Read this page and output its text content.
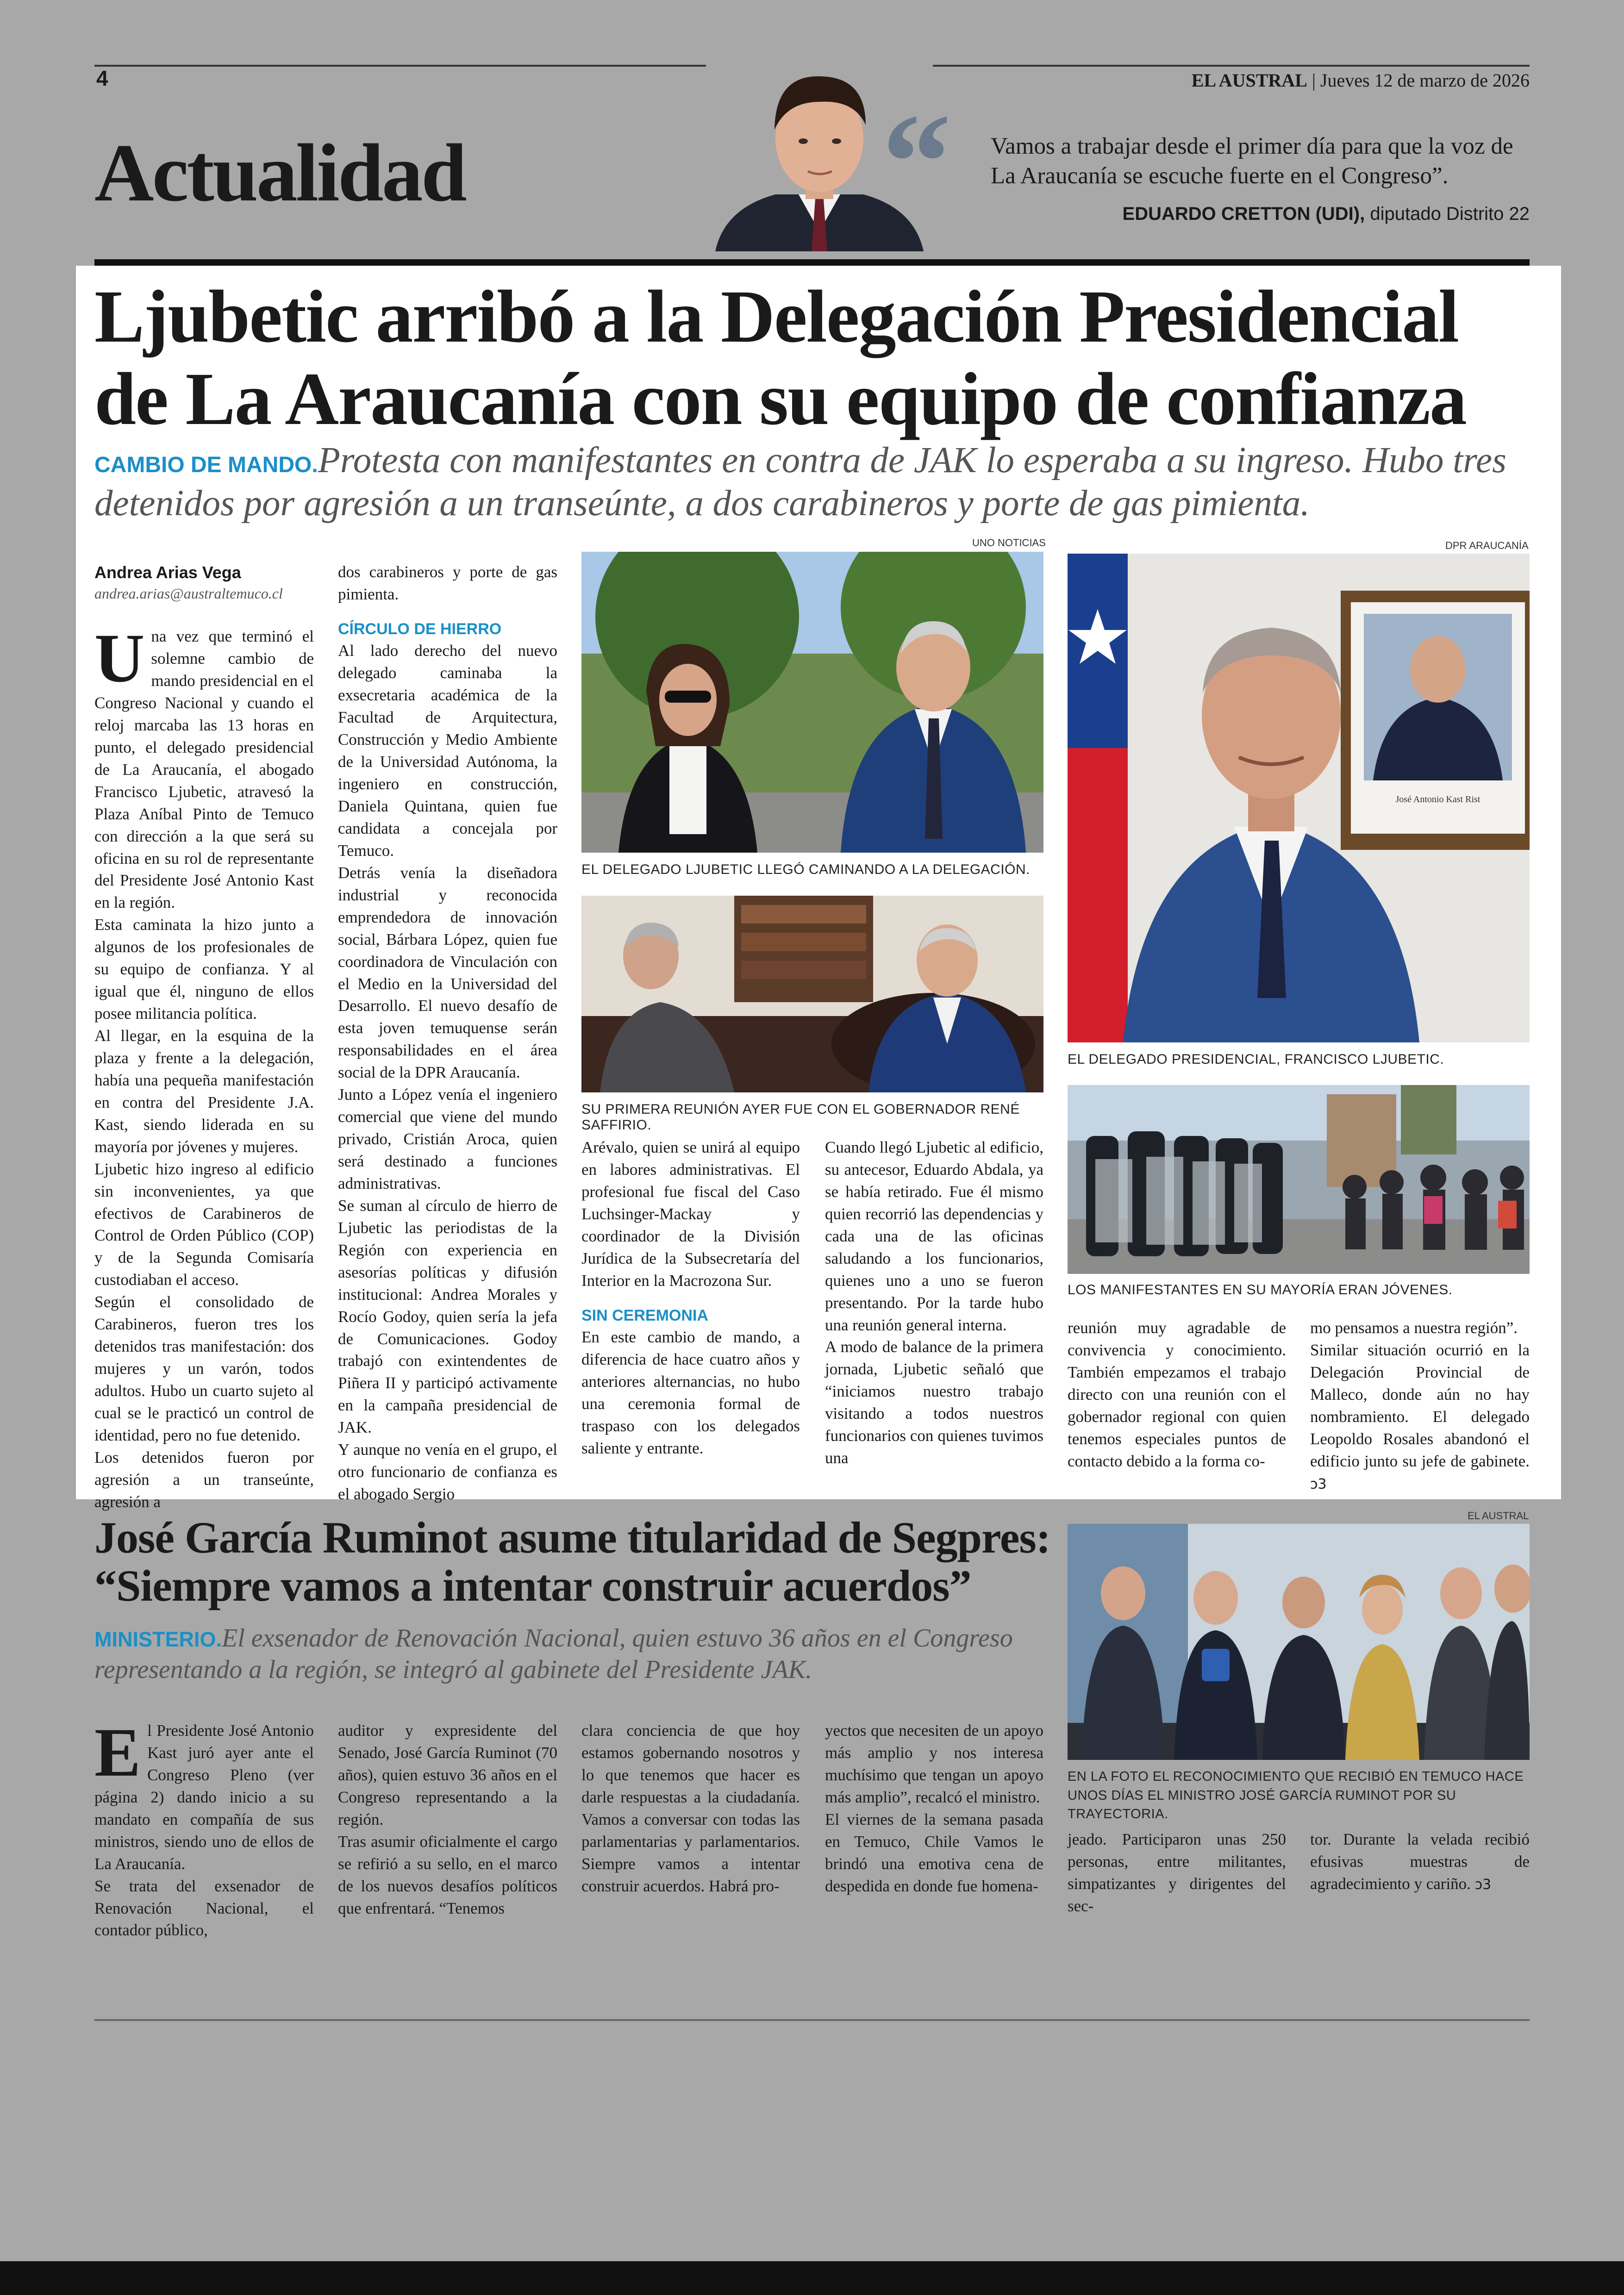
4	EL AUSTRAL | Jueves 12 de marzo de 2026
Actualidad	“ Vamos a trabajar desde el primer día para que la voz de La Araucanía se escuche fuerte en el Congreso”.
EDUARDO CRETTON (UDI), diputado Distrito 22
Ljubetic arribó a la Delegación Presidencial de La Araucanía con su equipo de confianza
CAMBIO DE MANDO.Protesta con manifestantes en contra de JAK lo esperaba a su ingreso. Hubo tres detenidos por agresión a un transeúnte, a dos carabineros y porte de gas pimienta.
Andrea Arias Vega
andrea.arias@australtemuco.cl

Una vez que terminó el solemne cambio de mando presidencial en el Congreso Nacional y cuando el reloj marcaba las 13 horas en punto, el delegado presidencial de La Araucanía, el abogado Francisco Ljubetic, atravesó la Plaza Aníbal Pinto de Temuco con dirección a la que será su oficina en su rol de representante del Presidente José Antonio Kast en la región.

Esta caminata la hizo junto a algunos de los profesionales de su equipo de confianza. Y al igual que él, ninguno de ellos posee militancia política.

Al llegar, en la esquina de la plaza y frente a la delegación, había una pequeña manifestación en contra del Presidente J.A. Kast, siendo liderada en su mayoría por jóvenes y mujeres.

Ljubetic hizo ingreso al edificio sin inconvenientes, ya que efectivos de Carabineros de Control de Orden Público (COP) y de la Segunda Comisaría custodiaban el acceso.

Según el consolidado de Carabineros, fueron tres los detenidos tras manifestación: dos mujeres y un varón, todos adultos. Hubo un cuarto sujeto al cual se le practicó un control de identidad, pero no fue detenido.

Los detenidos fueron por agresión a un transeúnte, agresión a

dos carabineros y porte de gas pimienta.

CÍRCULO DE HIERRO

Al lado derecho del nuevo delegado caminaba la exsecretaria académica de la Facultad de Arquitectura, Construcción y Medio Ambiente de la Universidad Autónoma, la ingeniero en construcción, Daniela Quintana, quien fue candidata a concejala por Temuco.

Detrás venía la diseñadora industrial y reconocida emprendedora de innovación social, Bárbara López, quien fue coordinadora de Vinculación con el Medio en la Universidad del Desarrollo. El nuevo desafío de esta joven temuquense serán responsabilidades en el área social de la DPR Araucanía.

Junto a López venía el ingeniero comercial que viene del mundo privado, Cristián Aroca, quien será destinado a funciones administrativas.

Se suman al círculo de hierro de Ljubetic las periodistas de la Región con experiencia en asesorías políticas y difusión institucional: Andrea Morales y Rocío Godoy, quien sería la jefa de Comunicaciones. Godoy trabajó con exintendentes de Piñera II y participó activamente en la campaña presidencial de JAK.

Y aunque no venía en el grupo, el otro funcionario de confianza es el abogado Sergio

UNO NOTICIAS
EL DELEGADO LJUBETIC LLEGÓ CAMINANDO A LA DELEGACIÓN.
SU PRIMERA REUNIÓN AYER FUE CON EL GOBERNADOR RENÉ SAFFIRIO.
DPR ARAUCANÍA
José Antonio Kast Rist
EL DELEGADO PRESIDENCIAL, FRANCISCO LJUBETIC.
LOS MANIFESTANTES EN SU MAYORÍA ERAN JÓVENES.

Arévalo, quien se unirá al equipo en labores administrativas. El profesional fue fiscal del Caso Luchsinger-Mackay y coordinador de la División Jurídica de la Subsecretaría del Interior en la Macrozona Sur.

SIN CEREMONIA

En este cambio de mando, a diferencia de hace cuatro años y anteriores alternancias, no hubo una ceremonia formal de traspaso con los delegados saliente y entrante.

Cuando llegó Ljubetic al edificio, su antecesor, Eduardo Abdala, ya se había retirado. Fue él mismo quien recorrió las dependencias y cada una de las oficinas saludando a los funcionarios, quienes uno a uno se fueron presentando. Por la tarde hubo una reunión general interna.

A modo de balance de la primera jornada, Ljubetic señaló que “iniciamos nuestro trabajo visitando a todos nuestros funcionarios con quienes tuvimos una

reunión muy agradable de convivencia y conocimiento. También empezamos el trabajo directo con una reunión con el gobernador regional con quien tenemos especiales puntos de contacto debido a la forma co-

mo pensamos a nuestra región”.

Similar situación ocurrió en la Delegación Provincial de Malleco, donde aún no hay nombramiento. El delegado Leopoldo Rosales abandonó el edificio junto su jefe de gabinete. ↄ3

José García Ruminot asume titularidad de Segpres: “Siempre vamos a intentar construir acuerdos”
MINISTERIO.El exsenador de Renovación Nacional, quien estuvo 36 años en el Congreso representando a la región, se integró al gabinete del Presidente JAK.
EL AUSTRAL
EN LA FOTO EL RECONOCIMIENTO QUE RECIBIÓ EN TEMUCO HACE UNOS DÍAS EL MINISTRO JOSÉ GARCÍA RUMINOT POR SU TRAYECTORIA.

El Presidente José Antonio Kast juró ayer ante el Congreso Pleno (ver página 2) dando inicio a su mandato en compañía de sus ministros, siendo uno de ellos de La Araucanía.

Se trata del exsenador de Renovación Nacional, el contador público,

auditor y expresidente del Senado, José García Ruminot (70 años), quien estuvo 36 años en el Congreso representando a la región.

Tras asumir oficialmente el cargo se refirió a su sello, en el marco de los nuevos desafíos políticos que enfrentará. “Tenemos

clara conciencia de que hoy estamos gobernando nosotros y lo que tenemos que hacer es darle respuestas a la ciudadanía. Vamos a conversar con todas las parlamentarias y parlamentarios. Siempre vamos a intentar construir acuerdos. Habrá pro-

yectos que necesiten de un apoyo más amplio y nos interesa muchísimo que tengan un apoyo más amplio”, recalcó el ministro.

El viernes de la semana pasada en Temuco, Chile Vamos le brindó una emotiva cena de despedida en donde fue homena-

jeado. Participaron unas 250 personas, entre militantes, simpatizantes y dirigentes del sec-

tor. Durante la velada recibió efusivas muestras de agradecimiento y cariño. ↄ3
